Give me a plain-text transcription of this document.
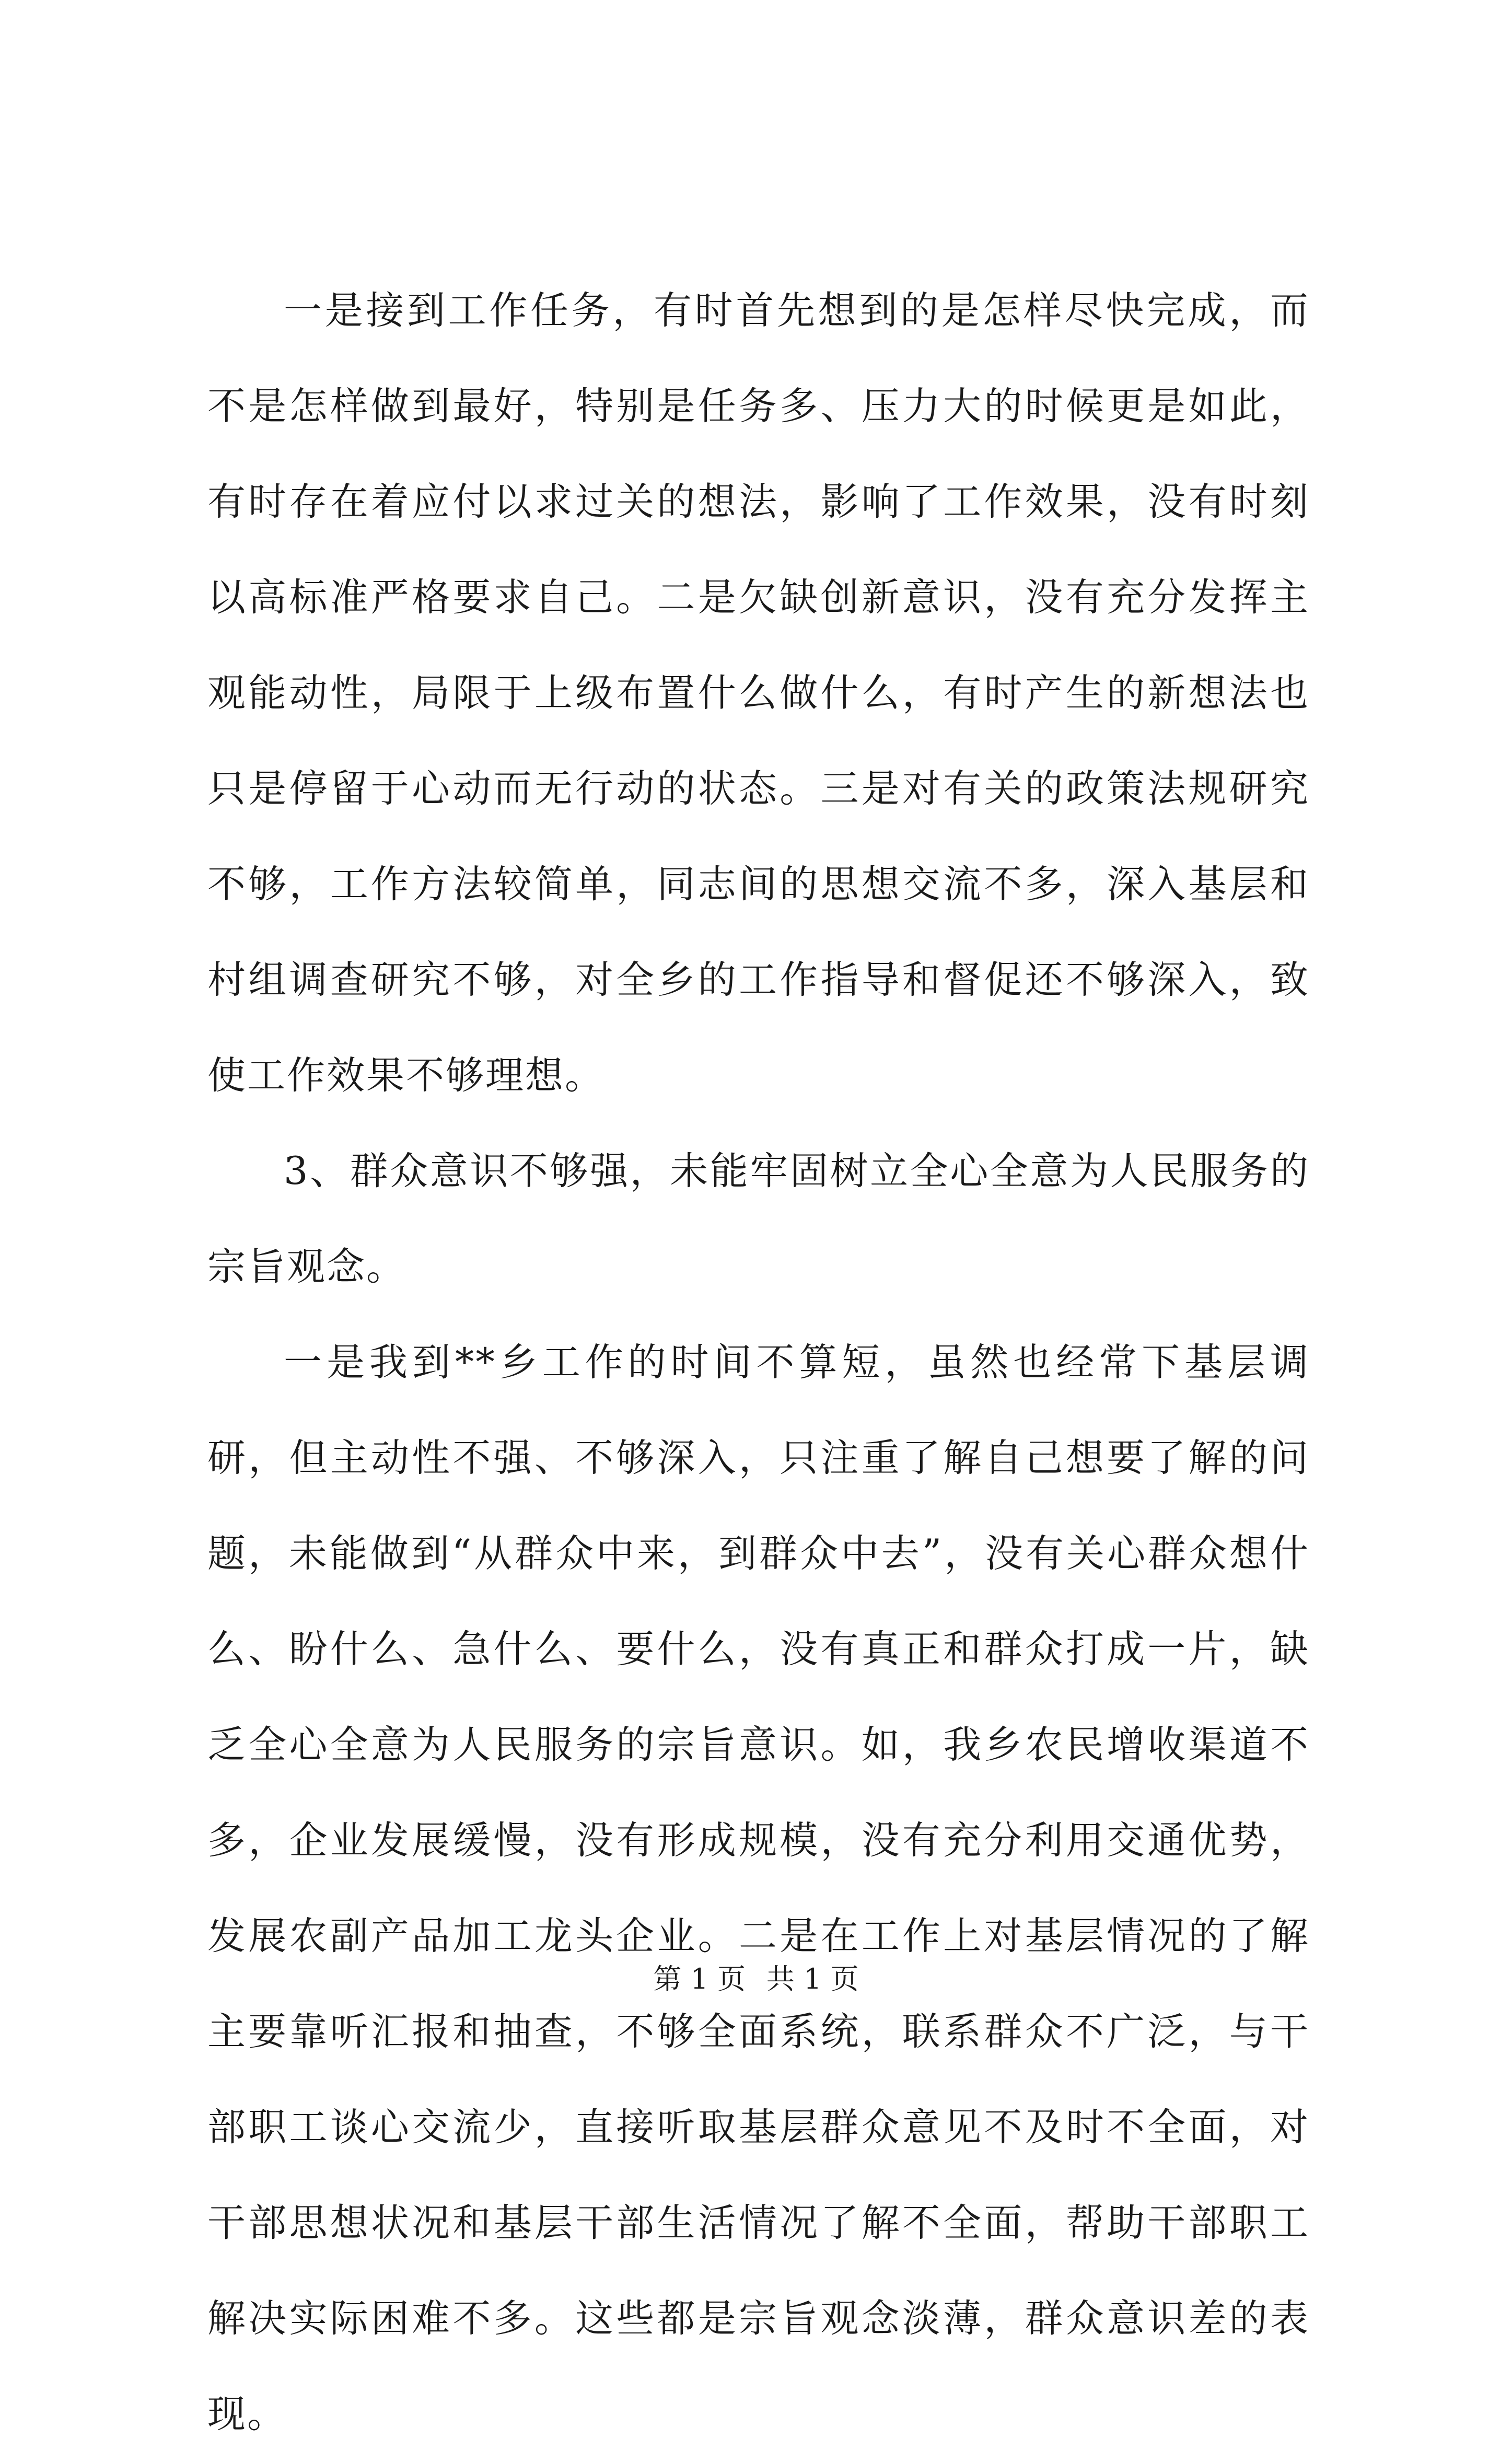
一是接到工作任务，有时首先想到的是怎样尽快完成，而不是怎样做到最好，特别是任务多、压力大的时候更是如此，有时存在着应付以求过关的想法，影响了工作效果，没有时刻以高标准严格要求自己。二是欠缺创新意识，没有充分发挥主观能动性，局限于上级布置什么做什么，有时产生的新想法也只是停留于心动而无行动的状态。三是对有关的政策法规研究不够，工作方法较简单，同志间的思想交流不多，深入基层和村组调查研究不够，对全乡的工作指导和督促还不够深入，致使工作效果不够理想。

3、群众意识不够强，未能牢固树立全心全意为人民服务的宗旨观念。

一是我到**乡工作的时间不算短，虽然也经常下基层调研，但主动性不强、不够深入，只注重了解自己想要了解的问题，未能做到“从群众中来，到群众中去”，没有关心群众想什么、盼什么、急什么、要什么，没有真正和群众打成一片，缺乏全心全意为人民服务的宗旨意识。如，我乡农民增收渠道不多，企业发展缓慢，没有形成规模，没有充分利用交通优势，发展农副产品加工龙头企业。二是在工作上对基层情况的了解主要靠听汇报和抽查，不够全面系统，联系群众不广泛，与干部职工谈心交流少，直接听取基层群众意见不及时不全面，对干部思想状况和基层干部生活情况了解不全面，帮助干部职工解决实际困难不多。这些都是宗旨观念淡薄，群众意识差的表现。

第 1 页 共 1 页
